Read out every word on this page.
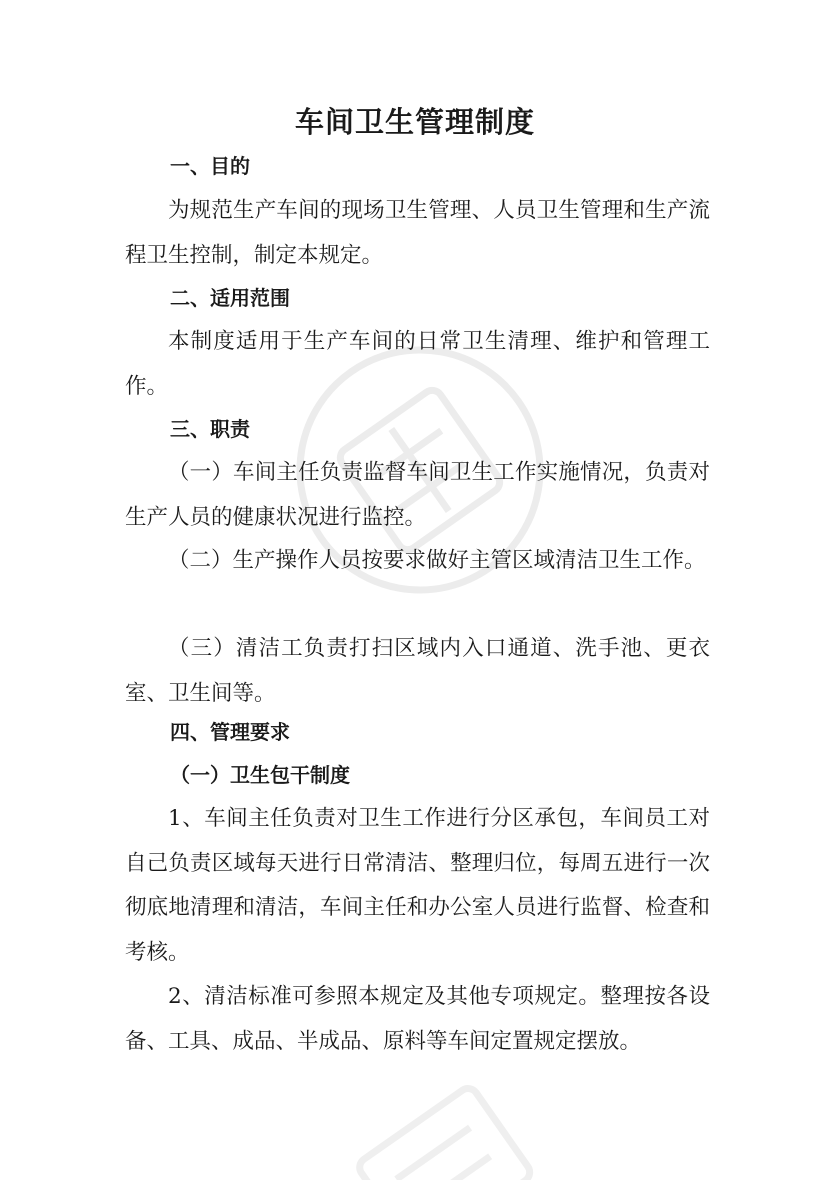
车间卫生管理制度
一、目的
为规范生产车间的现场卫生管理、人员卫生管理和生产流程卫生控制，制定本规定。
二、适用范围
本制度适用于生产车间的日常卫生清理、维护和管理工作。
三、职责
（一）车间主任负责监督车间卫生工作实施情况，负责对生产人员的健康状况进行监控。
（二）生产操作人员按要求做好主管区域清洁卫生工作。
（三）清洁工负责打扫区域内入口通道、洗手池、更衣室、卫生间等。
四、管理要求
（一）卫生包干制度
1、车间主任负责对卫生工作进行分区承包，车间员工对自己负责区域每天进行日常清洁、整理归位，每周五进行一次彻底地清理和清洁，车间主任和办公室人员进行监督、检查和考核。
2、清洁标准可参照本规定及其他专项规定。整理按各设备、工具、成品、半成品、原料等车间定置规定摆放。
